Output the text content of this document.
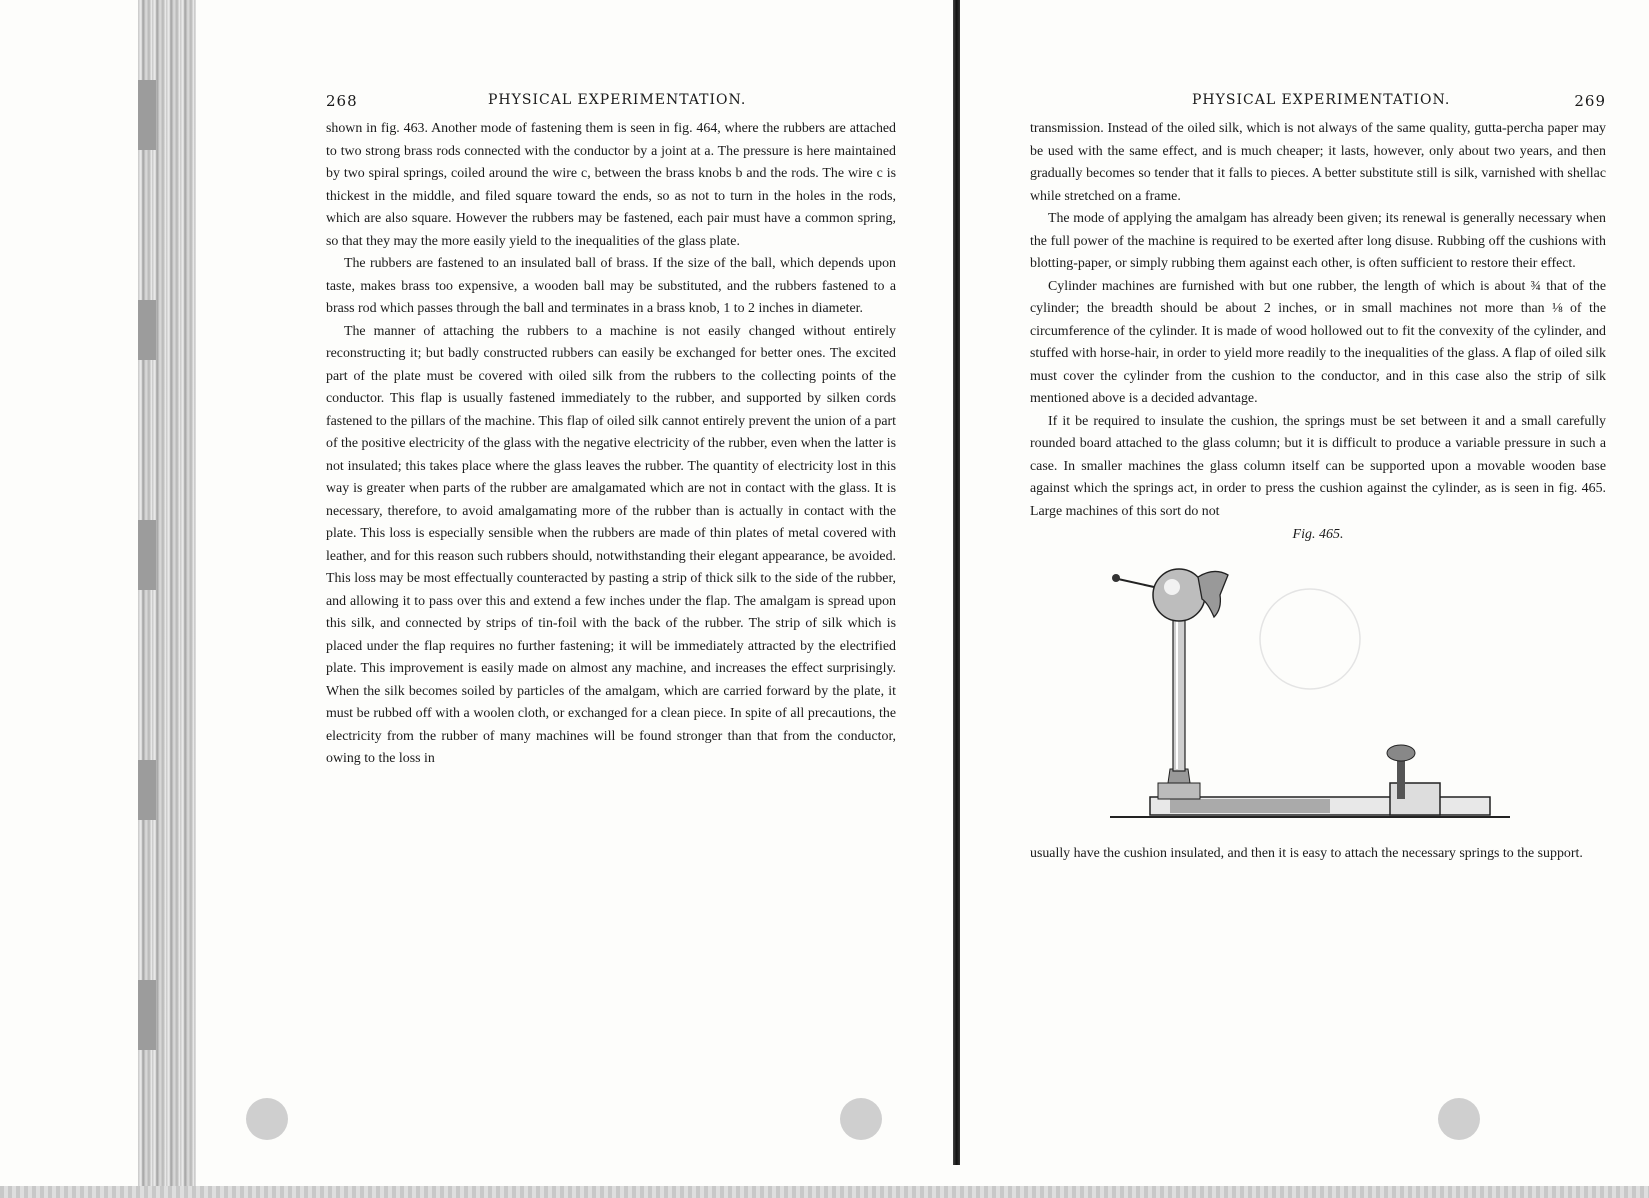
268	PHYSICAL EXPERIMENTATION.

shown in fig. 463. Another mode of fastening them is seen in fig. 464, where the rubbers are attached to two strong brass rods connected with the conductor by a joint at a. The pressure is here maintained by two spiral springs, coiled around the wire c, between the brass knobs b and the rods. The wire c is thickest in the middle, and filed square toward the ends, so as not to turn in the holes in the rods, which are also square. However the rubbers may be fastened, each pair must have a common spring, so that they may the more easily yield to the inequalities of the glass plate.

The rubbers are fastened to an insulated ball of brass. If the size of the ball, which depends upon taste, makes brass too expensive, a wooden ball may be substituted, and the rubbers fastened to a brass rod which passes through the ball and terminates in a brass knob, 1 to 2 inches in diameter.

The manner of attaching the rubbers to a machine is not easily changed without entirely reconstructing it; but badly constructed rubbers can easily be exchanged for better ones. The excited part of the plate must be covered with oiled silk from the rubbers to the collecting points of the conductor. This flap is usually fastened immediately to the rubber, and supported by silken cords fastened to the pillars of the machine. This flap of oiled silk cannot entirely prevent the union of a part of the positive electricity of the glass with the negative electricity of the rubber, even when the latter is not insulated; this takes place where the glass leaves the rubber. The quantity of electricity lost in this way is greater when parts of the rubber are amalgamated which are not in contact with the glass. It is necessary, therefore, to avoid amalgamating more of the rubber than is actually in contact with the plate. This loss is especially sensible when the rubbers are made of thin plates of metal covered with leather, and for this reason such rubbers should, notwithstanding their elegant appearance, be avoided. This loss may be most effectually counteracted by pasting a strip of thick silk to the side of the rubber, and allowing it to pass over this and extend a few inches under the flap. The amalgam is spread upon this silk, and connected by strips of tin-foil with the back of the rubber. The strip of silk which is placed under the flap requires no further fastening; it will be immediately attracted by the electrified plate. This improvement is easily made on almost any machine, and increases the effect surprisingly. When the silk becomes soiled by particles of the amalgam, which are carried forward by the plate, it must be rubbed off with a woolen cloth, or exchanged for a clean piece. In spite of all precautions, the electricity from the rubber of many machines will be found stronger than that from the conductor, owing to the loss in

PHYSICAL EXPERIMENTATION.	269

transmission. Instead of the oiled silk, which is not always of the same quality, gutta-percha paper may be used with the same effect, and is much cheaper; it lasts, however, only about two years, and then gradually becomes so tender that it falls to pieces. A better substitute still is silk, varnished with shellac while stretched on a frame.

The mode of applying the amalgam has already been given; its renewal is generally necessary when the full power of the machine is required to be exerted after long disuse. Rubbing off the cushions with blotting-paper, or simply rubbing them against each other, is often sufficient to restore their effect.

Cylinder machines are furnished with but one rubber, the length of which is about ¾ that of the cylinder; the breadth should be about 2 inches, or in small machines not more than ⅛ of the circumference of the cylinder. It is made of wood hollowed out to fit the convexity of the cylinder, and stuffed with horse-hair, in order to yield more readily to the inequalities of the glass. A flap of oiled silk must cover the cylinder from the cushion to the conductor, and in this case also the strip of silk mentioned above is a decided advantage.

If it be required to insulate the cushion, the springs must be set between it and a small carefully rounded board attached to the glass column; but it is difficult to produce a variable pressure in such a case. In smaller machines the glass column itself can be supported upon a movable wooden base against which the springs act, in order to press the cushion against the cylinder, as is seen in fig. 465. Large machines of this sort do not

Fig. 465.

usually have the cushion insulated, and then it is easy to attach the necessary springs to the support.
